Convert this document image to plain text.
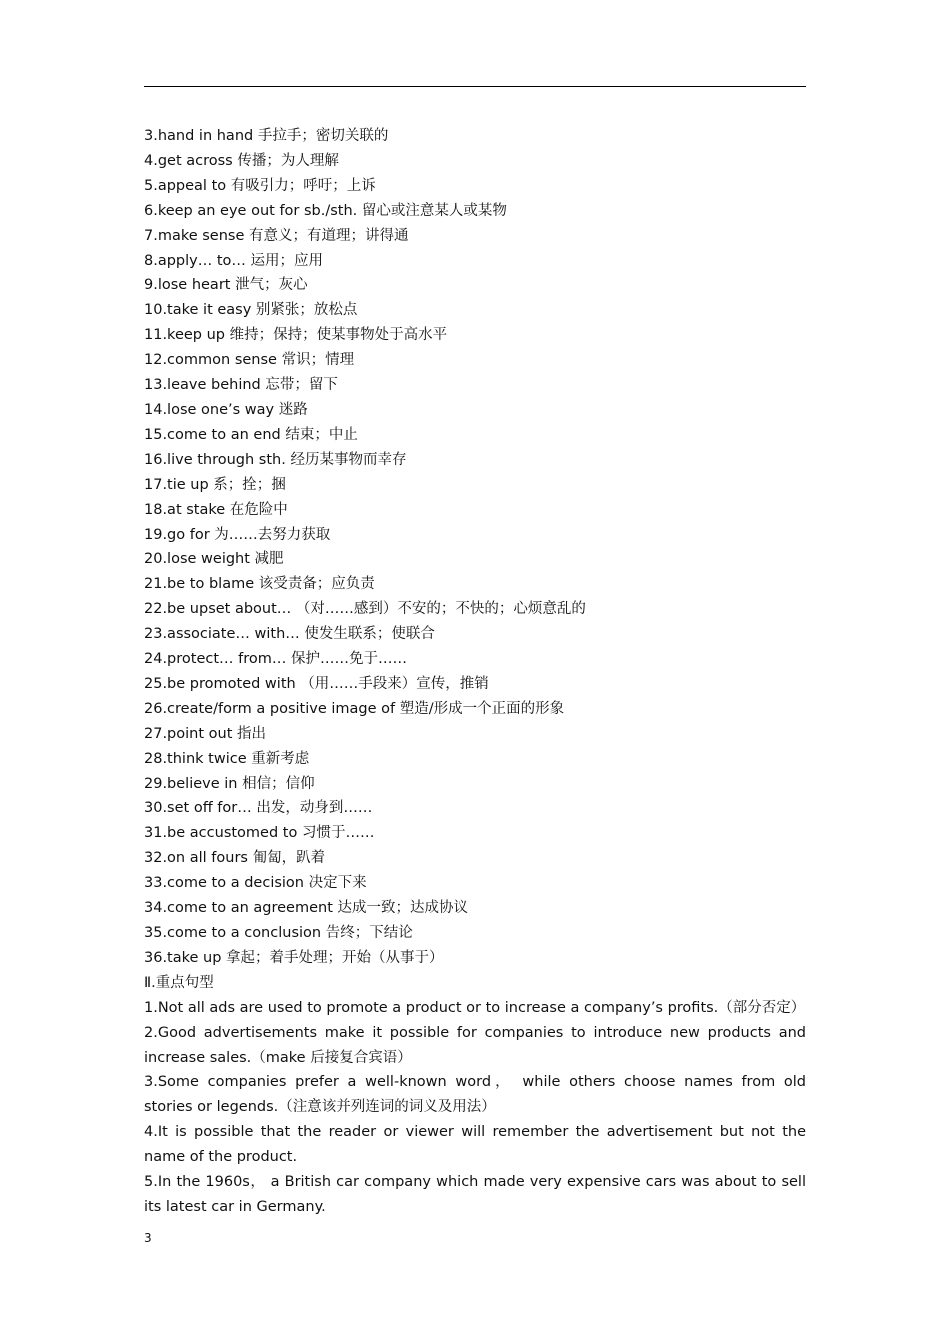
3.hand in hand 手拉手；密切关联的
4.get across 传播；为人理解
5.appeal to 有吸引力；呼吁；上诉
6.keep an eye out for sb./sth. 留心或注意某人或某物
7.make sense 有意义；有道理；讲得通
8.apply… to… 运用；应用
9.lose heart 泄气；灰心
10.take it easy 别紧张；放松点
11.keep up 维持；保持；使某事物处于高水平
12.common sense 常识；情理
13.leave behind 忘带；留下
14.lose one’s way 迷路
15.come to an end 结束；中止
16.live through sth. 经历某事物而幸存
17.tie up 系；拴；捆
18.at stake 在危险中
19.go for 为……去努力获取
20.lose weight 减肥
21.be to blame 该受责备；应负责
22.be upset about… （对……感到）不安的；不快的；心烦意乱的
23.associate… with… 使发生联系；使联合
24.protect… from… 保护……免于……
25.be promoted with （用……手段来）宣传，推销
26.create/form a positive image of 塑造/形成一个正面的形象
27.point out 指出
28.think twice 重新考虑
29.believe in 相信；信仰
30.set off for… 出发，动身到……
31.be accustomed to 习惯于……
32.on all fours 匍匐，趴着
33.come to a decision 决定下来
34.come to an agreement 达成一致；达成协议
35.come to a conclusion 告终；下结论
36.take up 拿起；着手处理；开始（从事于）
Ⅱ.重点句型
1.Not all ads are used to promote a product or to increase a company’s profits.（部分否定）
2.Good advertisements make it possible for companies to introduce new products and increase sales.（make 后接复合宾语）
3.Some companies prefer a well-known word， while others choose names from old stories or legends.（注意该并列连词的词义及用法）
4.It is possible that the reader or viewer will remember the advertisement but not the name of the product.
5.In the 1960s， a British car company which made very expensive cars was about to sell its latest car in Germany.
3
